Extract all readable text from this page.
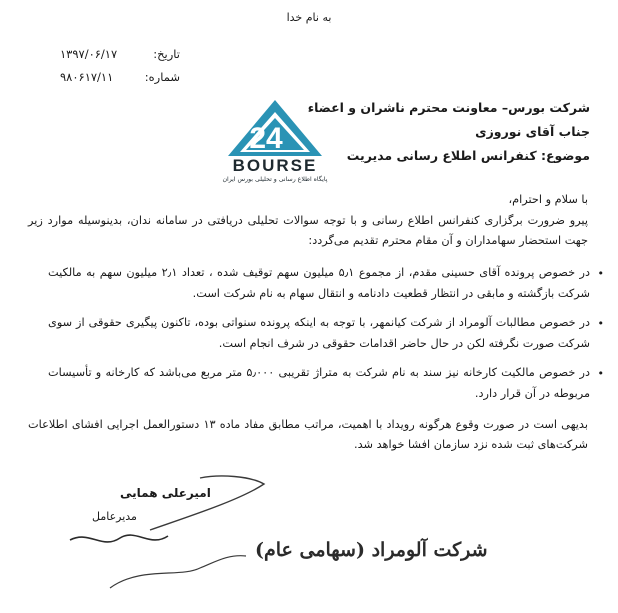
به نام خدا
تاریخ:
۱۳۹۷/۰۶/۱۷
شماره:
۹۸۰۶۱۷/۱۱
24
BOURSE
پایگاه اطلاع رسانی و تحلیلی بورس ایران
شرکت بورس– معاونت محترم ناشران و اعضاء
جناب آقای نوروزی
موضوع: کنفرانس اطلاع رسانی مدیریت
با سلام و احترام،
پیرو ضرورت برگزاری کنفرانس اطلاع رسانی و با توجه سوالات تحلیلی دریافتی در سامانه ندان، بدینوسیله موارد زیر جهت استحضار سهامداران و آن مقام محترم تقدیم می‌گردد:
•
در خصوص پرونده آقای حسینی مقدم، از مجموع ۵٫۱ میلیون سهم توقیف شده ، تعداد ۲٫۱ میلیون سهم به مالکیت شرکت بازگشته و مابقی در انتظار قطعیت دادنامه و انتقال سهام به نام شرکت است.
•
در خصوص مطالبات آلومراد از شرکت کیانمهر، با توجه به اینکه پرونده سنواتی بوده، تاکنون پیگیری حقوقی از سوی شرکت صورت نگرفته لکن در حال حاضر اقدامات حقوقی در شرف انجام است.
•
در خصوص مالکیت کارخانه نیز سند به نام شرکت به متراژ تقریبی ۵٫۰۰۰ متر مربع می‌باشد که کارخانه و تأسیسات مربوطه در آن قرار دارد.
بدیهی است در صورت وقوع هرگونه رویداد با اهمیت، مراتب مطابق مفاد ماده ۱۳ دستورالعمل اجرایی افشای اطلاعات شرکت‌های ثبت شده نزد سازمان افشا خواهد شد.
شرکت آلومراد (سهامی عام)
امیرعلی همایی
مدیرعامل
